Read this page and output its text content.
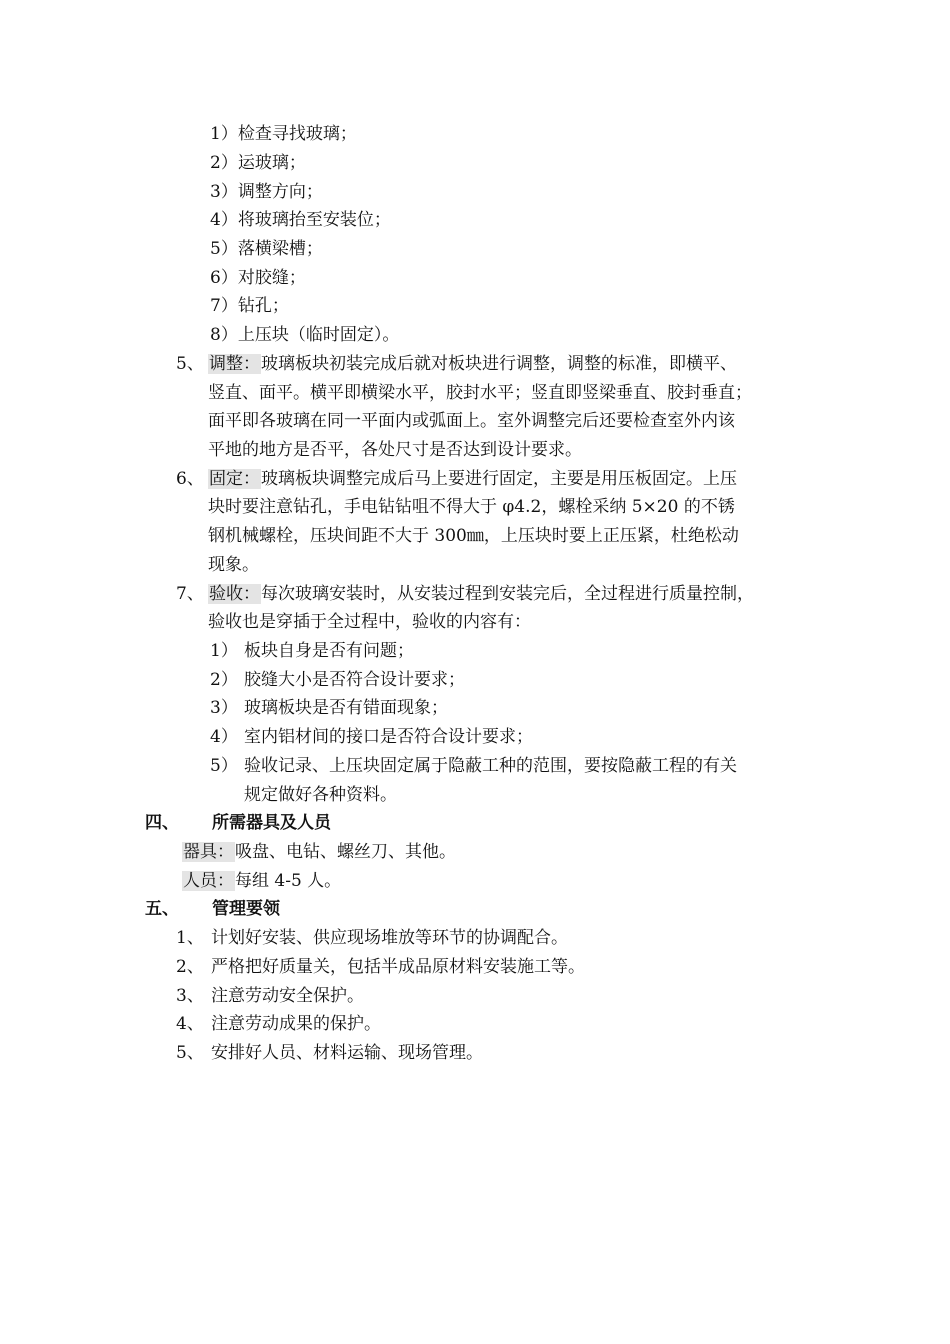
1）检查寻找玻璃；
2）运玻璃；
3）调整方向；
4）将玻璃抬至安装位；
5）落横梁槽；
6）对胶缝；
7）钻孔；
8）上压块（临时固定）。
5、 调整：玻璃板块初装完成后就对板块进行调整，调整的标准，即横平、
竖直、面平。横平即横梁水平，胶封水平；竖直即竖梁垂直、胶封垂直；
面平即各玻璃在同一平面内或弧面上。室外调整完后还要检查室外内该
平地的地方是否平，各处尺寸是否达到设计要求。
6、 固定：玻璃板块调整完成后马上要进行固定，主要是用压板固定。上压
块时要注意钻孔，手电钻钻咀不得大于 φ4.2，螺栓采纳 5×20 的不锈
钢机械螺栓，压块间距不大于 300㎜，上压块时要上正压紧，杜绝松动
现象。
7、 验收：每次玻璃安装时，从安装过程到安装完后，全过程进行质量控制，
验收也是穿插于全过程中，验收的内容有：
1） 板块自身是否有问题；
2） 胶缝大小是否符合设计要求；
3） 玻璃板块是否有错面现象；
4） 室内铝材间的接口是否符合设计要求；
5） 验收记录、上压块固定属于隐蔽工种的范围，要按隐蔽工程的有关
规定做好各种资料。
四、 所需器具及人员
器具：吸盘、电钻、螺丝刀、其他。
人员：每组 4-5 人。
五、 管理要领
1、 计划好安装、供应现场堆放等环节的协调配合。
2、 严格把好质量关，包括半成品原材料安装施工等。
3、 注意劳动安全保护。
4、 注意劳动成果的保护。
5、 安排好人员、材料运输、现场管理。
